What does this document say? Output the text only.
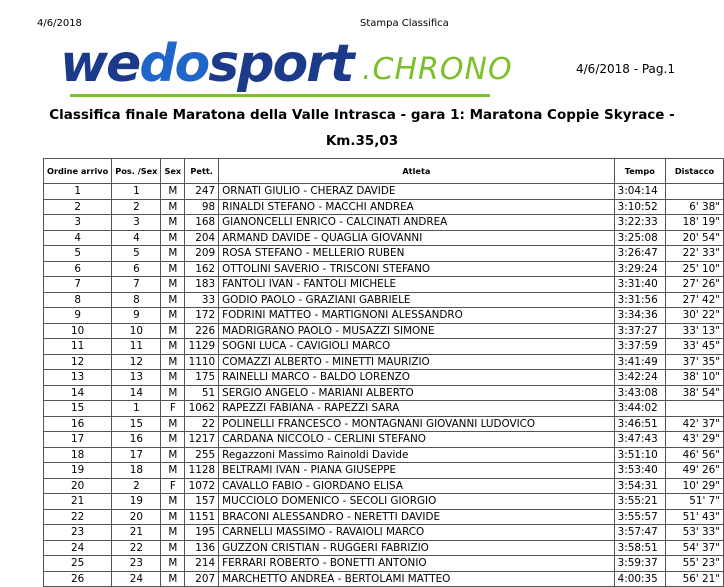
4/6/2018	Stampa Classifica
wedosport .CHRONO	4/6/2018 - Pag.1
Classifica finale Maratona della Valle Intrasca - gara 1: Maratona Coppie Skyrace -
Km.35,03
Ordine arrivo	Pos. /Sex	Sex	Pett.	Atleta	Tempo	Distacco
1	1	M	247	ORNATI GIULIO - CHERAZ DAVIDE	3:04:14	
2	2	M	98	RINALDI STEFANO - MACCHI ANDREA	3:10:52	6' 38"
3	3	M	168	GIANONCELLI ENRICO - CALCINATI ANDREA	3:22:33	18' 19"
4	4	M	204	ARMAND DAVIDE - QUAGLIA GIOVANNI	3:25:08	20' 54"
5	5	M	209	ROSA STEFANO - MELLERIO RUBEN	3:26:47	22' 33"
6	6	M	162	OTTOLINI SAVERIO - TRISCONI STEFANO	3:29:24	25' 10"
7	7	M	183	FANTOLI IVAN - FANTOLI MICHELE	3:31:40	27' 26"
8	8	M	33	GODIO PAOLO - GRAZIANI GABRIELE	3:31:56	27' 42"
9	9	M	172	FODRINI MATTEO - MARTIGNONI ALESSANDRO	3:34:36	30' 22"
10	10	M	226	MADRIGRANO PAOLO - MUSAZZI SIMONE	3:37:27	33' 13"
11	11	M	1129	SOGNI LUCA - CAVIGIOLI MARCO	3:37:59	33' 45"
12	12	M	1110	COMAZZI ALBERTO - MINETTI MAURIZIO	3:41:49	37' 35"
13	13	M	175	RAINELLI MARCO - BALDO LORENZO	3:42:24	38' 10"
14	14	M	51	SERGIO ANGELO - MARIANI ALBERTO	3:43:08	38' 54"
15	1	F	1062	RAPEZZI FABIANA - RAPEZZI SARA	3:44:02	
16	15	M	22	POLINELLI FRANCESCO - MONTAGNANI GIOVANNI LUDOVICO	3:46:51	42' 37"
17	16	M	1217	CARDANA NICCOLO - CERLINI STEFANO	3:47:43	43' 29"
18	17	M	255	Regazzoni Massimo Rainoldi Davide	3:51:10	46' 56"
19	18	M	1128	BELTRAMI IVAN - PIANA GIUSEPPE	3:53:40	49' 26"
20	2	F	1072	CAVALLO FABIO - GIORDANO ELISA	3:54:31	10' 29"
21	19	M	157	MUCCIOLO DOMENICO - SECOLI GIORGIO	3:55:21	51' 7"
22	20	M	1151	BRACONI ALESSANDRO - NERETTI DAVIDE	3:55:57	51' 43"
23	21	M	195	CARNELLI MASSIMO - RAVAIOLI MARCO	3:57:47	53' 33"
24	22	M	136	GUZZON CRISTIAN - RUGGERI FABRIZIO	3:58:51	54' 37"
25	23	M	214	FERRARI ROBERTO - BONETTI ANTONIO	3:59:37	55' 23"
26	24	M	207	MARCHETTO ANDREA - BERTOLAMI MATTEO	4:00:35	56' 21"
